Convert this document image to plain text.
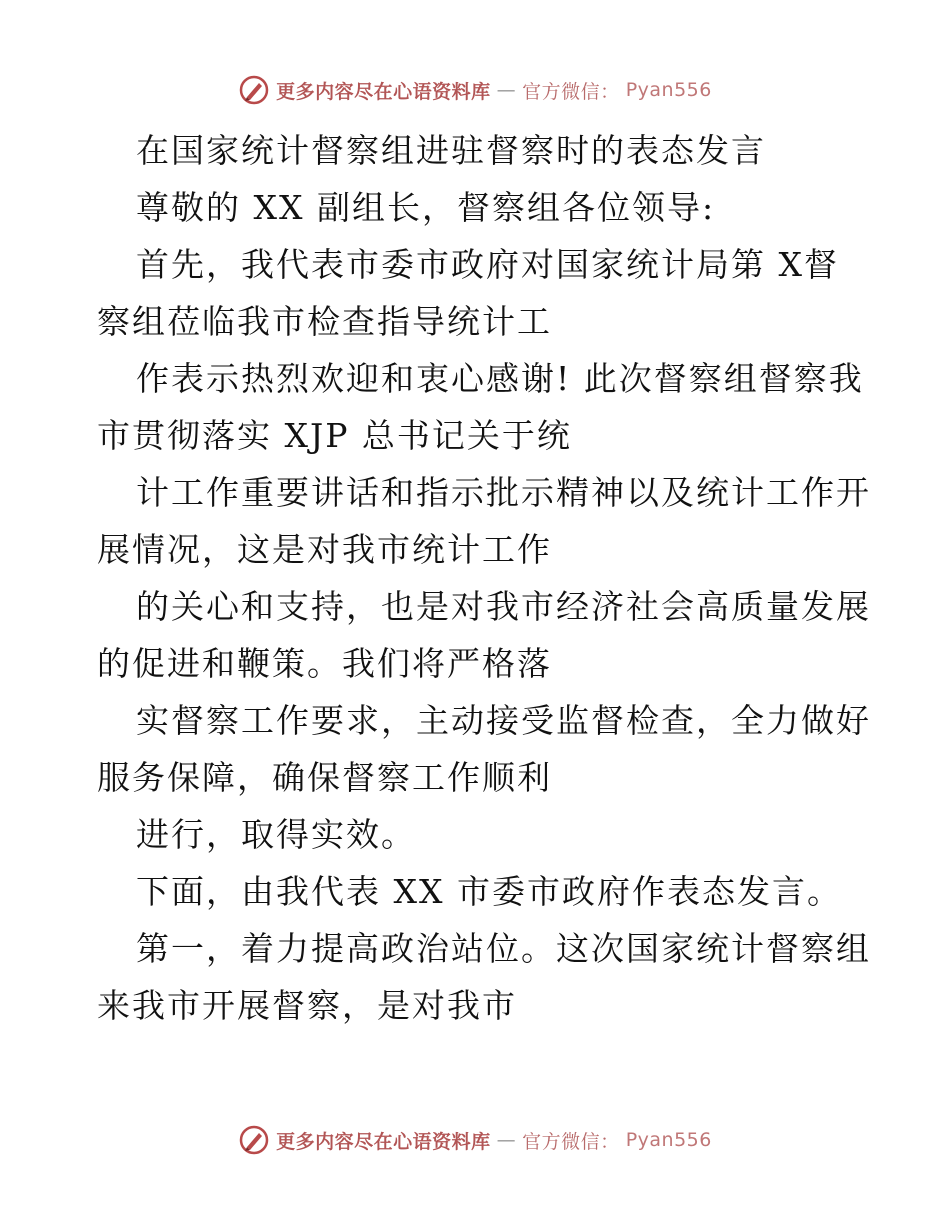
更多内容尽在心语资料库 — 官方微信： Pyan556
在国家统计督察组进驻督察时的表态发言
尊敬的 XX 副组长，督察组各位领导:
首先，我代表市委市政府对国家统计局第 X督
察组莅临我市检查指导统计工
作表示热烈欢迎和衷心感谢! 此次督察组督察我
市贯彻落实 XJP 总书记关于统
计工作重要讲话和指示批示精神以及统计工作开
展情况，这是对我市统计工作
的关心和支持，也是对我市经济社会高质量发展
的促进和鞭策。我们将严格落
实督察工作要求，主动接受监督检查，全力做好
服务保障，确保督察工作顺利
进行，取得实效。
下面，由我代表 XX 市委市政府作表态发言。
第一，着力提高政治站位。这次国家统计督察组
来我市开展督察，是对我市
更多内容尽在心语资料库 — 官方微信： Pyan556
